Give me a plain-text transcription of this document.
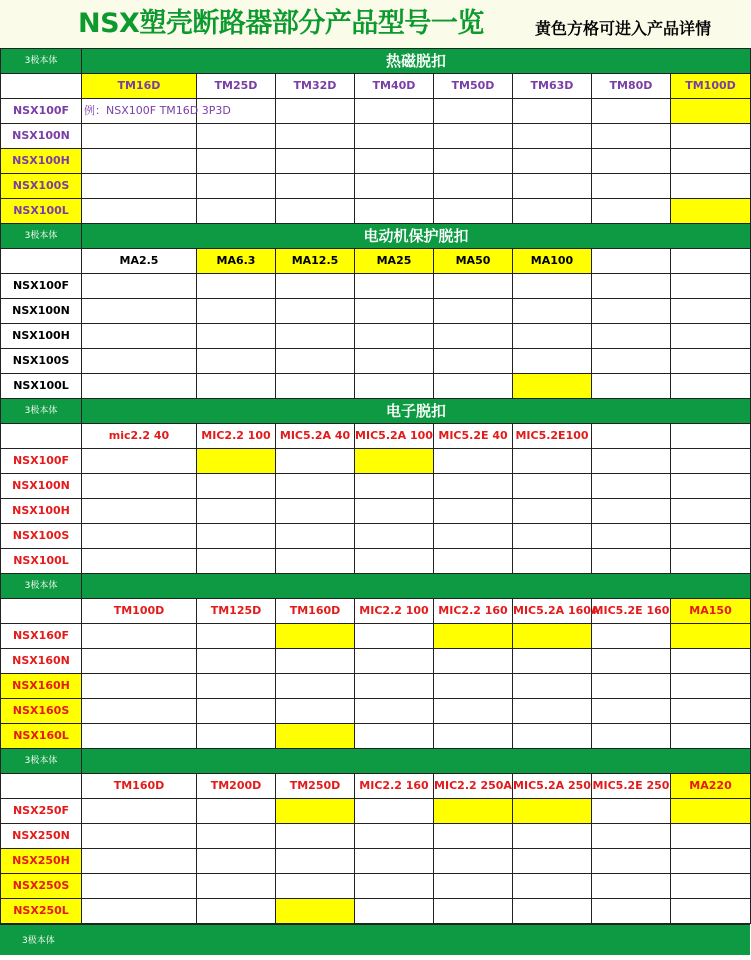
NSX塑壳断路器部分产品型号一览	黄色方格可进入产品详情
3极本体	热磁脱扣							
	TM16D	TM25D	TM32D	TM40D	TM50D	TM63D	TM80D	TM100D
NSX100F	例：NSX100F TM16D 3P3D							

NSX100N								
NSX100H								
NSX100S								
NSX100L								
3极本体	电动机保护脱扣							
	MA2.5	MA6.3	MA12.5	MA25	MA50	MA100		
NSX100F								
NSX100N								
NSX100H								
NSX100S								
NSX100L								
3极本体	电子脱扣							
	mic2.2 40	MIC2.2 100	MIC5.2A 40	MIC5.2A 100	MIC5.2E 40	MIC5.2E100		
NSX100F								
NSX100N								
NSX100H								
NSX100S								
NSX100L								
3极本体								
	TM100D	TM125D	TM160D	MIC2.2 100	MIC2.2 160	MIC5.2A 160A	MIC5.2E 160	MA150
NSX160F								
NSX160N								
NSX160H								
NSX160S								
NSX160L								
3极本体								
	TM160D	TM200D	TM250D	MIC2.2 160	MIC2.2 250A	MIC5.2A 250	MIC5.2E 250	MA220
NSX250F								
NSX250N								
NSX250H								
NSX250S								
NSX250L								
3极本体
